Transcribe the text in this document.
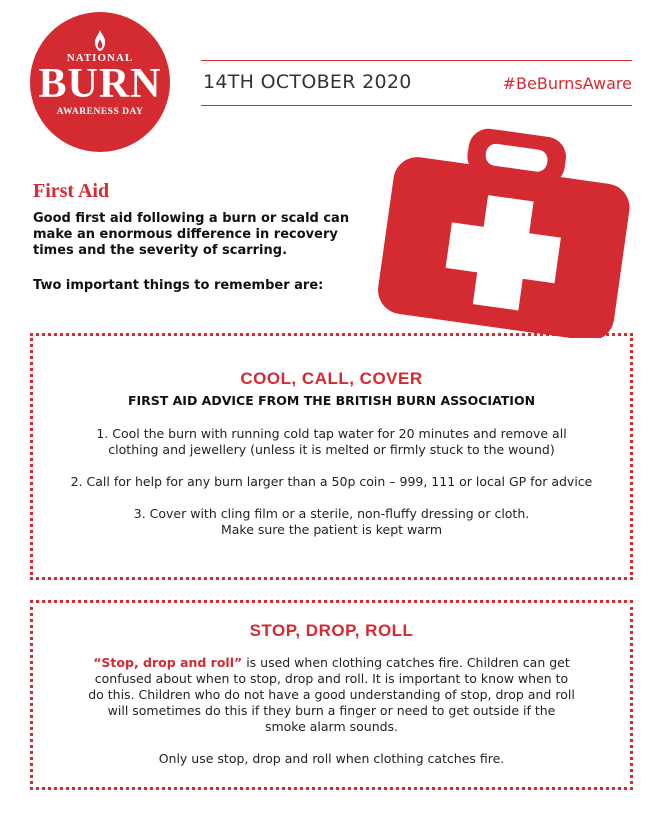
NATIONAL
BURN
AWARENESS DAY
14TH OCTOBER 2020	#BeBurnsAware
First Aid

Good first aid following a burn or scald can make an enormous difference in recovery times and the severity of scarring.

Two important things to remember are:

COOL, CALL, COVER

FIRST AID ADVICE FROM THE BRITISH BURN ASSOCIATION

1. Cool the burn with running cold tap water for 20 minutes and remove all

clothing and jewellery (unless it is melted or firmly stuck to the wound)

2. Call for help for any burn larger than a 50p coin – 999, 111 or local GP for advice

3. Cover with cling film or a sterile, non-fluffy dressing or cloth.

Make sure the patient is kept warm

STOP, DROP, ROLL

“Stop, drop and roll” is used when clothing catches fire. Children can get

confused about when to stop, drop and roll. It is important to know when to

do this. Children who do not have a good understanding of stop, drop and roll

will sometimes do this if they burn a finger or need to get outside if the

smoke alarm sounds.

Only use stop, drop and roll when clothing catches fire.
